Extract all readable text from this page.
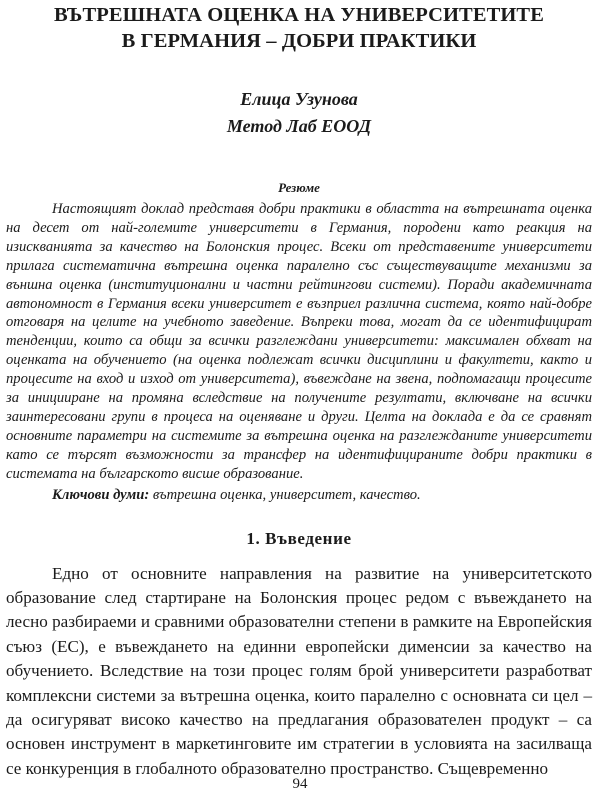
ВЪТРЕШНАТА ОЦЕНКА НА УНИВЕРСИТЕТИТЕ
В ГЕРМАНИЯ – ДОБРИ ПРАКТИКИ

Елица Узунова

Метод Лаб ЕООД

Резюме

Настоящият доклад представя добри практики в областта на вътрешната оценка на десет от най-големите университети в Германия, породени като реакция на изискванията за качество на Болонския процес. Всеки от представените университети прилага систематична вътрешна оценка паралелно със съществуващите механизми за външна оценка (институционални и частни рейтингови системи). Поради академичната автономност в Германия всеки университет е възприел различна система, която най-добре отговаря на целите на учебното заведение. Въпреки това, могат да се идентифицират тенденции, които са общи за всички разглеждани университети: максимален обхват на оценката на обучението (на оценка подлежат всички дисциплини и факултети, както и процесите на вход и изход от университета), въвеждане на звена, подпомагащи процесите за иницииране на промяна вследствие на получените резултати, включване на всички заинтересовани групи в процеса на оценяване и други. Целта на доклада е да се сравнят основните параметри на системите за вътрешна оценка на разглежданите университети като се търсят възможности за трансфер на идентифицираните добри практики в системата на българското висше образование.

Ключови думи: вътрешна оценка, университет, качество.

1. Въведение

Едно от основните направления на развитие на университетското образование след стартиране на Болонския процес редом с въвеждането на лесно разбираеми и сравними образователни степени в рамките на Европейския съюз (ЕС), е въвеждането на единни европейски дименсии за качество на обучението. Вследствие на този процес голям брой университети разработват комплексни системи за вътрешна оценка, които паралелно с основната си цел – да осигуряват високо качество на предлагания образователен продукт – са основен инструмент в маркетинговите им стратегии в условията на засилваща се конкуренция в глобалното образователно пространство. Същевременно

94
